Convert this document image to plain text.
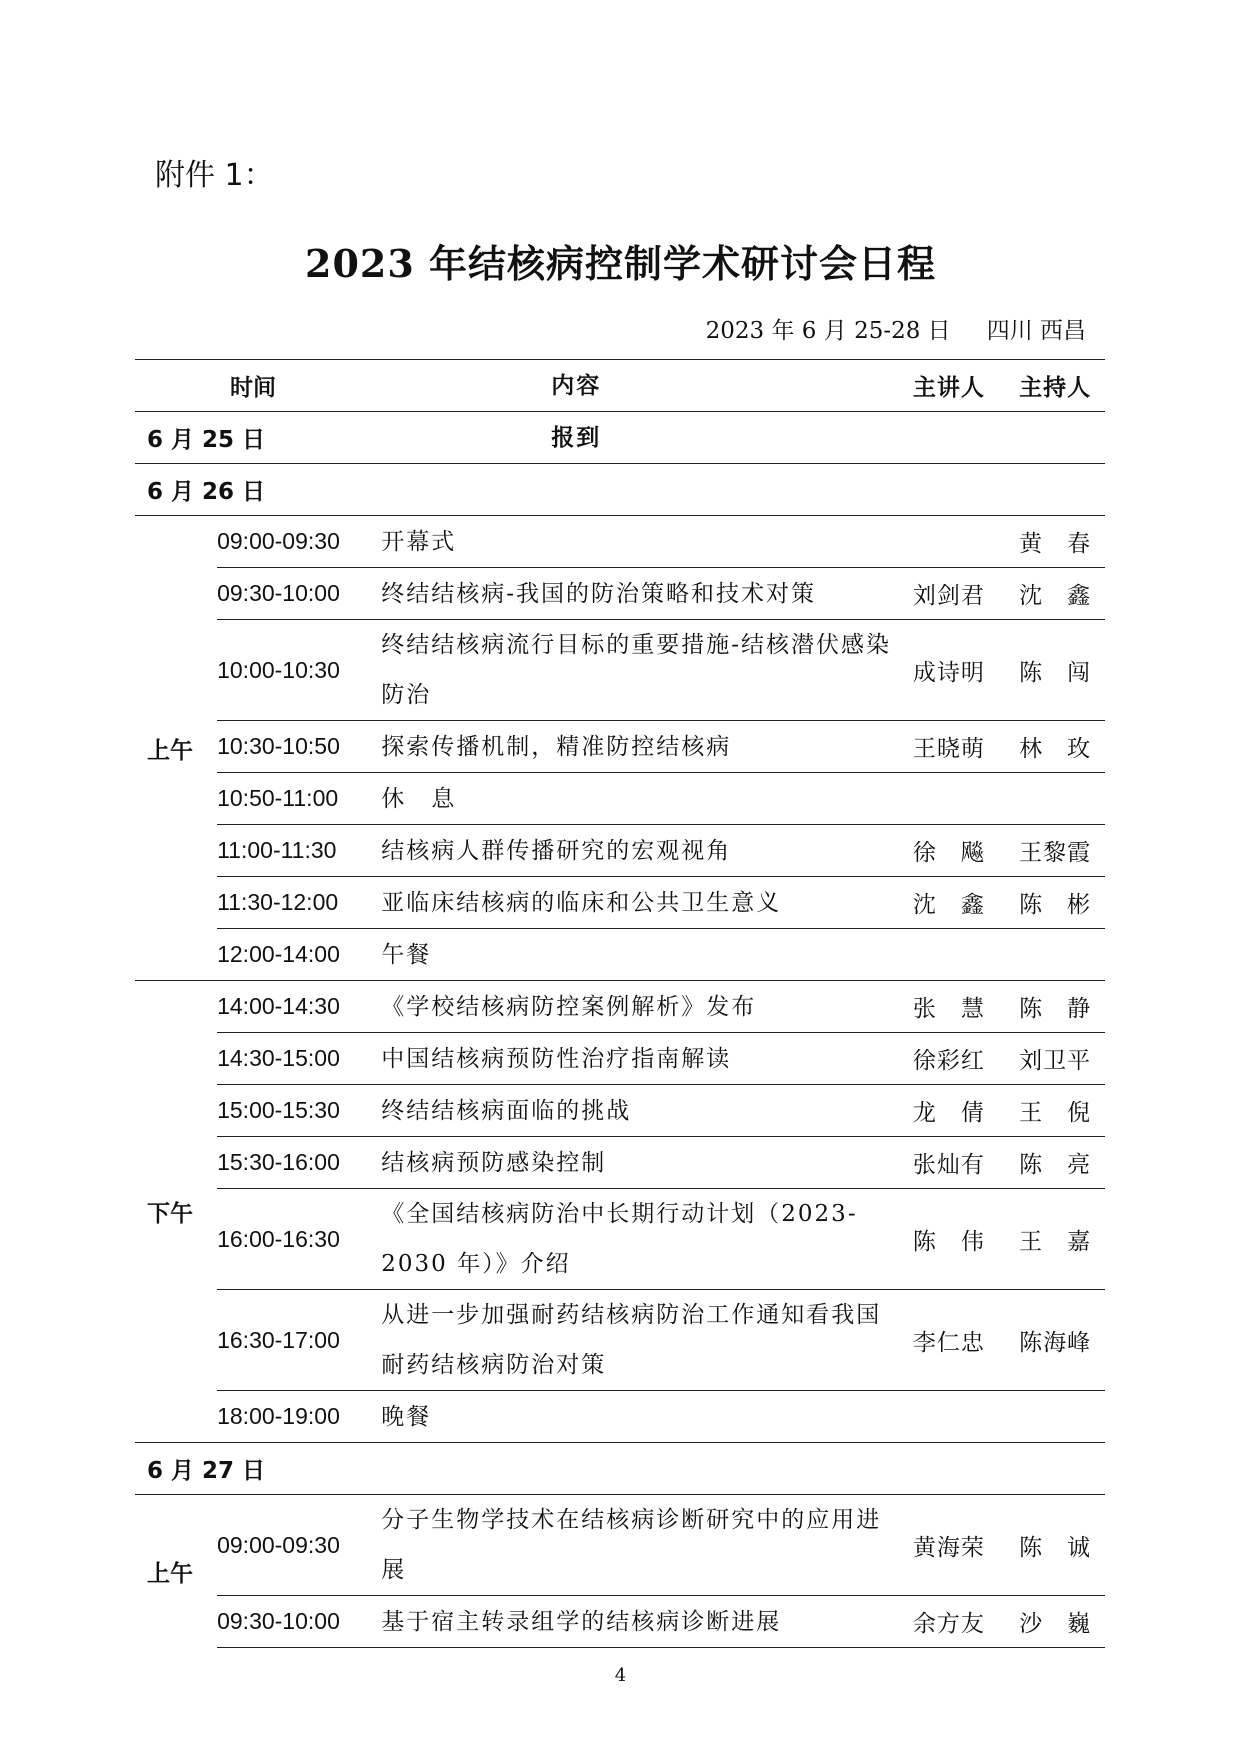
附件 1：
2023 年结核病控制学术研讨会日程
2023 年 6 月 25-28 日 四川 西昌
时间		内容	主讲人	主持人
6 月 25 日		报到		
6 月 26 日				
上午	09:00-09:30	开幕式		黄　春
	09:30-10:00	终结结核病-我国的防治策略和技术对策	刘剑君	沈　鑫
	10:00-10:30	终结结核病流行目标的重要措施-结核潜伏感染防治	成诗明	陈　闯
	10:30-10:50	探索传播机制，精准防控结核病	王晓萌	林　玫
	10:50-11:00	休　息		
	11:00-11:30	结核病人群传播研究的宏观视角	徐　飚	王黎霞
	11:30-12:00	亚临床结核病的临床和公共卫生意义	沈　鑫	陈　彬
	12:00-14:00	午餐		
下午	14:00-14:30	《学校结核病防控案例解析》发布	张　慧	陈　静
	14:30-15:00	中国结核病预防性治疗指南解读	徐彩红	刘卫平
	15:00-15:30	终结结核病面临的挑战	龙　倩	王　倪
	15:30-16:00	结核病预防感染控制	张灿有	陈　亮
	16:00-16:30	《全国结核病防治中长期行动计划（2023-2030 年）》介绍	陈　伟	王　嘉
	16:30-17:00	从进一步加强耐药结核病防治工作通知看我国耐药结核病防治对策	李仁忠	陈海峰
	18:00-19:00	晚餐		
6 月 27 日				
上午	09:00-09:30	分子生物学技术在结核病诊断研究中的应用进展	黄海荣	陈　诚
	09:30-10:00	基于宿主转录组学的结核病诊断进展	余方友	沙　巍
4
